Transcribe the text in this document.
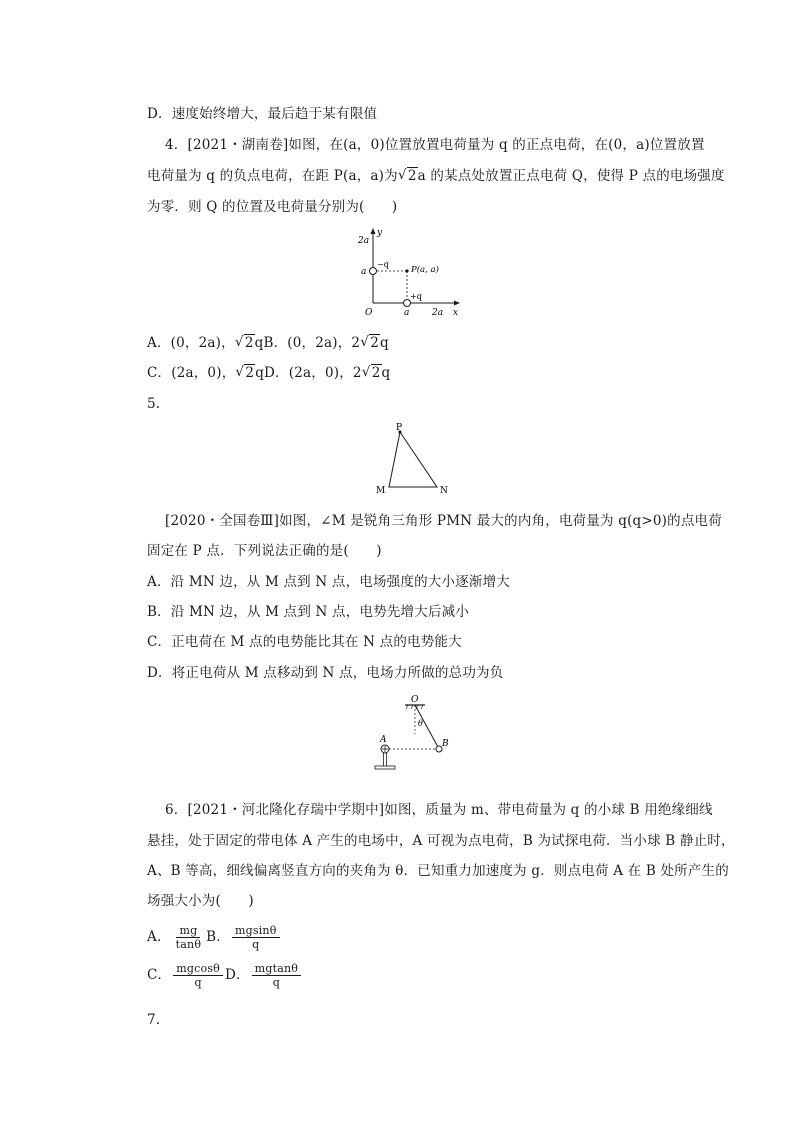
D．速度始终增大，最后趋于某有限值
4．[2021・湖南卷]如图，在(a，0)位置放置电荷量为 q 的正点电荷，在(0，a)位置放置
电荷量为 q 的负点电荷，在距 P(a，a)为 √ 2a 的某点处放置正点电荷 Q，使得 P 点的电场强度
为零．则 Q 的位置及电荷量分别为(　　)
y
x
O
2a
a
a	2a
−q
+q
P(a, a)
A．(0，2a)， √ 2qB．(0，2a)，2 √ 2q
C．(2a，0)， √ 2qD．(2a，0)，2 √ 2q
5.
P
M	N
[2020・全国卷Ⅲ]如图，∠M 是锐角三角形 PMN 最大的内角，电荷量为 q(q>0)的点电荷
固定在 P 点．下列说法正确的是(　　)
A．沿 MN 边，从 M 点到 N 点，电场强度的大小逐渐增大
B．沿 MN 边，从 M 点到 N 点，电势先增大后减小
C．正电荷在 M 点的电势能比其在 N 点的电势能大
D．将正电荷从 M 点移动到 N 点，电场力所做的总功为负
O
θ
A	B
6．[2021・河北隆化存瑞中学期中]如图，质量为 m、带电荷量为 q 的小球 B 用绝缘细线
悬挂，处于固定的带电体 A 产生的电场中，A 可视为点电荷，B 为试探电荷．当小球 B 静止时，
A、B 等高，细线偏离竖直方向的夹角为 θ．已知重力加速度为 g．则点电荷 A 在 B 处所产生的
场强大小为(　　)
A． $\frac{mg}{\tan\theta}$ B． $\frac{mgsin\theta}{q}$
C． $\frac{mgcos\theta}{q}$ D． $\frac{mgtan\theta}{q}$
7.
